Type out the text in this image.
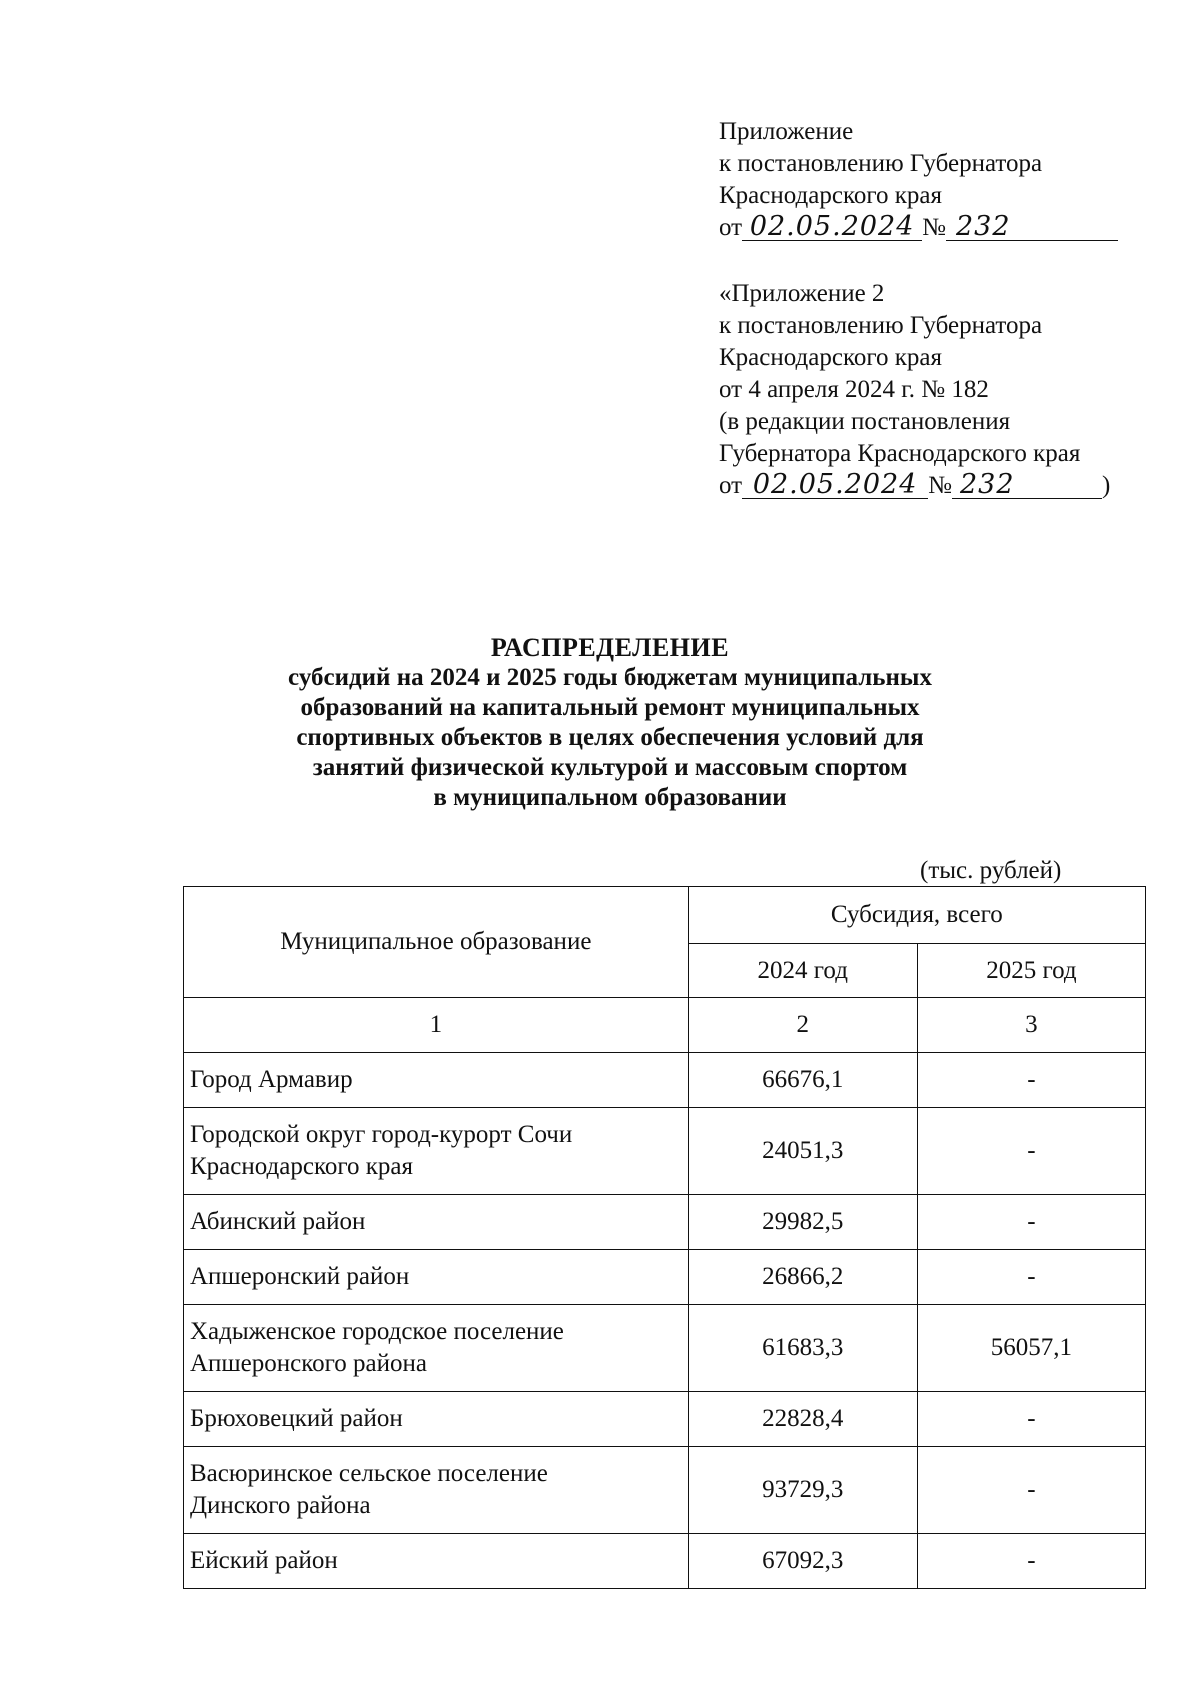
Приложение
к постановлению Губернатора
Краснодарского края
от 02.05.2024 № 232
«Приложение 2
к постановлению Губернатора
Краснодарского края
от 4 апреля 2024 г. № 182
(в редакции постановления
Губернатора Краснодарского края
от 02.05.2024 № 232	)
РАСПРЕДЕЛЕНИЕ
субсидий на 2024 и 2025 годы бюджетам муниципальных
образований на капитальный ремонт муниципальных
спортивных объектов в целях обеспечения условий для
занятий физической культурой и массовым спортом
в муниципальном образовании
(тыс. рублей)
Муниципальное образование	Субсидия, всего	
	2024 год	2025 год
1	2	3

Город Армавир	66676,1	-

Городской округ город-курорт Сочи
Краснодарского края	24051,3	-

Абинский район	29982,5	-

Апшеронский район	26866,2	-

Хадыженское городское поселение
Апшеронского района	61683,3	56057,1

Брюховецкий район	22828,4	-

Васюринское сельское поселение
Динского района	93729,3	-

Ейский район	67092,3	-
